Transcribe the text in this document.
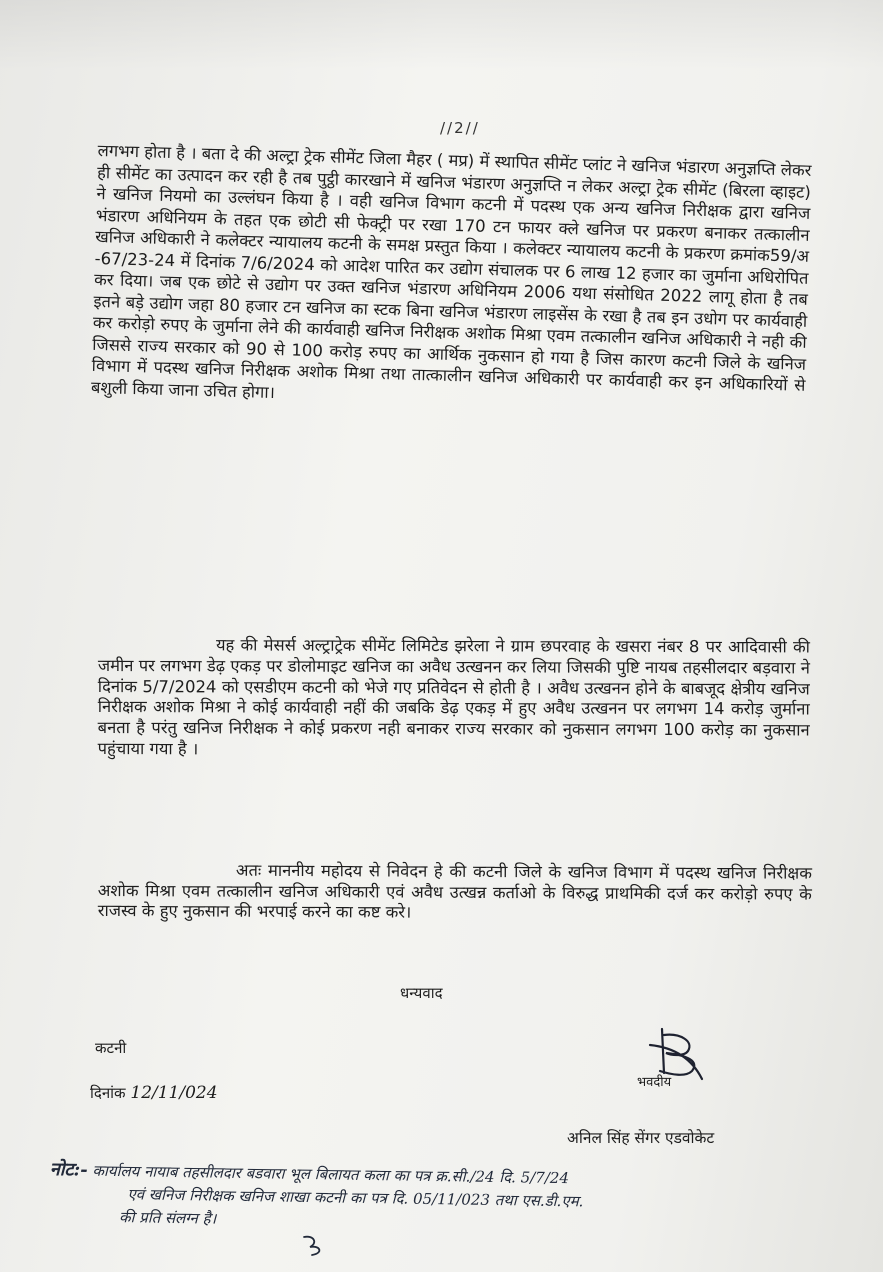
//2//
लगभग होता है । बता दे की अल्ट्रा ट्रेक सीमेंट जिला मैहर ( मप्र) में स्थापित सीमेंट प्लांट ने खनिज भंडारण अनुज्ञप्ति लेकर ही सीमेंट का उत्पादन कर रही है तब पुट्ठी कारखाने में खनिज भंडारण अनुज्ञप्ति न लेकर अल्ट्रा ट्रेक सीमेंट (बिरला व्हाइट) ने खनिज नियमो का उल्लंघन किया है । वही खनिज विभाग कटनी में पदस्थ एक अन्य खनिज निरीक्षक द्वारा खनिज भंडारण अधिनियम के तहत एक छोटी सी फेक्ट्री पर रखा 170 टन फायर क्ले खनिज पर प्रकरण बनाकर तत्कालीन खनिज अधिकारी ने कलेक्टर न्यायालय कटनी के समक्ष प्रस्तुत किया । कलेक्टर न्यायालय कटनी के प्रकरण क्रमांक59/अ -67/23-24 में दिनांक 7/6/2024 को आदेश पारित कर उद्योग संचालक पर 6 लाख 12 हजार का जुर्माना अधिरोपित कर दिया। जब एक छोटे से उद्योग पर उक्त खनिज भंडारण अधिनियम 2006 यथा संसोधित 2022 लागू होता है तब इतने बड़े उद्योग जहा 80 हजार टन खनिज का स्टक बिना खनिज भंडारण लाइसेंस के रखा है तब इन उधोग पर कार्यवाही कर करोड़ो रुपए के जुर्माना लेने की कार्यवाही खनिज निरीक्षक अशोक मिश्रा एवम तत्कालीन खनिज अधिकारी ने नही की जिससे राज्य सरकार को 90 से 100 करोड़ रुपए का आर्थिक नुकसान हो गया है जिस कारण कटनी जिले के खनिज विभाग में पदस्थ खनिज निरीक्षक अशोक मिश्रा तथा तात्कालीन खनिज अधिकारी पर कार्यवाही कर इन अधिकारियों से बशुली किया जाना उचित होगा।
यह की मेसर्स अल्ट्राट्रेक सीमेंट लिमिटेड झरेला ने ग्राम छपरवाह के खसरा नंबर 8 पर आदिवासी की जमीन पर लगभग डेढ़ एकड़ पर डोलोमाइट खनिज का अवैध उत्खनन कर लिया जिसकी पुष्टि नायब तहसीलदार बड़वारा ने दिनांक 5/7/2024 को एसडीएम कटनी को भेजे गए प्रतिवेदन से होती है । अवैध उत्खनन होने के बाबजूद क्षेत्रीय खनिज निरीक्षक अशोक मिश्रा ने कोई कार्यवाही नहीं की जबकि डेढ़ एकड़ में हुए अवैध उत्खनन पर लगभग 14 करोड़ जुर्माना बनता है परंतु खनिज निरीक्षक ने कोई प्रकरण नही बनाकर राज्य सरकार को नुकसान लगभग 100 करोड़ का नुकसान पहुंचाया गया है ।
अतः माननीय महोदय से निवेदन हे की कटनी जिले के खनिज विभाग में पदस्थ खनिज निरीक्षक अशोक मिश्रा एवम तत्कालीन खनिज अधिकारी एवं अवैध उत्खन्न कर्ताओ के विरुद्ध प्राथमिकी दर्ज कर करोड़ो रुपए के राजस्व के हुए नुकसान की भरपाई करने का कष्ट करे।
धन्यवाद
कटनी
दिनांक 12/11/024
भवदीय
अनिल सिंह सेंगर एडवोकेट
नोट:- कार्यालय नायाब तहसीलदार बडवारा भूल बिलायत कला का पत्र क्र.सी./24 दि. 5/7/24
एवं खनिज निरीक्षक खनिज शाखा कटनी का पत्र दि. 05/11/023 तथा एस.डी.एम.
की प्रति संलग्न है।
